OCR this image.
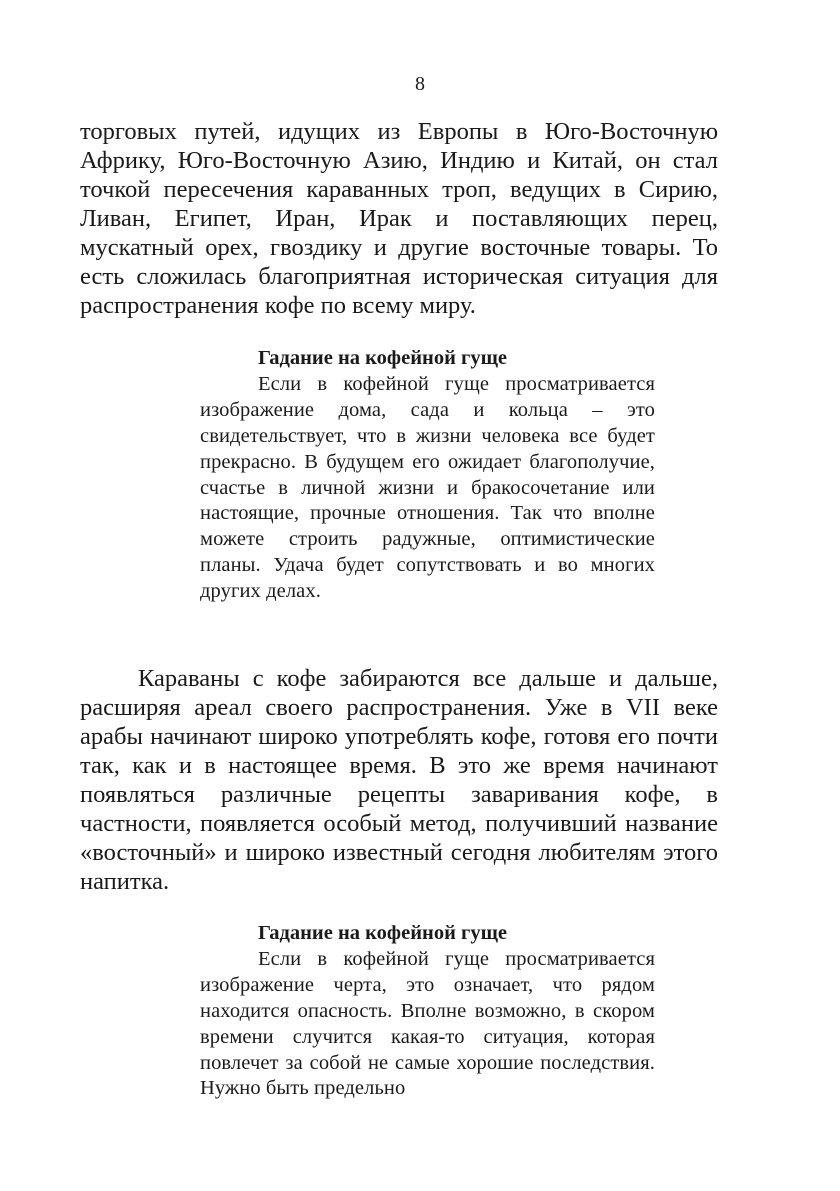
8

торговых путей, идущих из Европы в Юго-Восточную Африку, Юго-Восточную Азию, Индию и Китай, он стал точкой пересечения караванных троп, ведущих в Сирию, Ливан, Египет, Иран, Ирак и поставляющих перец, мускатный орех, гвоздику и другие восточные товары. То есть сложилась благоприятная историческая ситуация для распространения кофе по всему миру.

Гадание на кофейной гуще

Если в кофейной гуще просматривается изображение дома, сада и кольца – это свидетельствует, что в жизни человека все будет прекрасно. В будущем его ожидает благополучие, счастье в личной жизни и бракосочетание или настоящие, прочные отношения. Так что вполне можете строить радужные, оптимистические планы. Удача будет сопутствовать и во многих других делах.

Караваны с кофе забираются все дальше и дальше, расширяя ареал своего распространения. Уже в VII веке арабы начинают широко употреблять кофе, готовя его почти так, как и в настоящее время. В это же время начинают появляться различные рецепты заваривания кофе, в частности, появляется особый метод, получивший название «восточный» и широко известный сегодня любителям этого напитка.

Гадание на кофейной гуще

Если в кофейной гуще просматривается изображение черта, это означает, что рядом находится опасность. Вполне возможно, в скором времени случится какая-то ситуация, которая повлечет за собой не самые хорошие последствия. Нужно быть предельно
